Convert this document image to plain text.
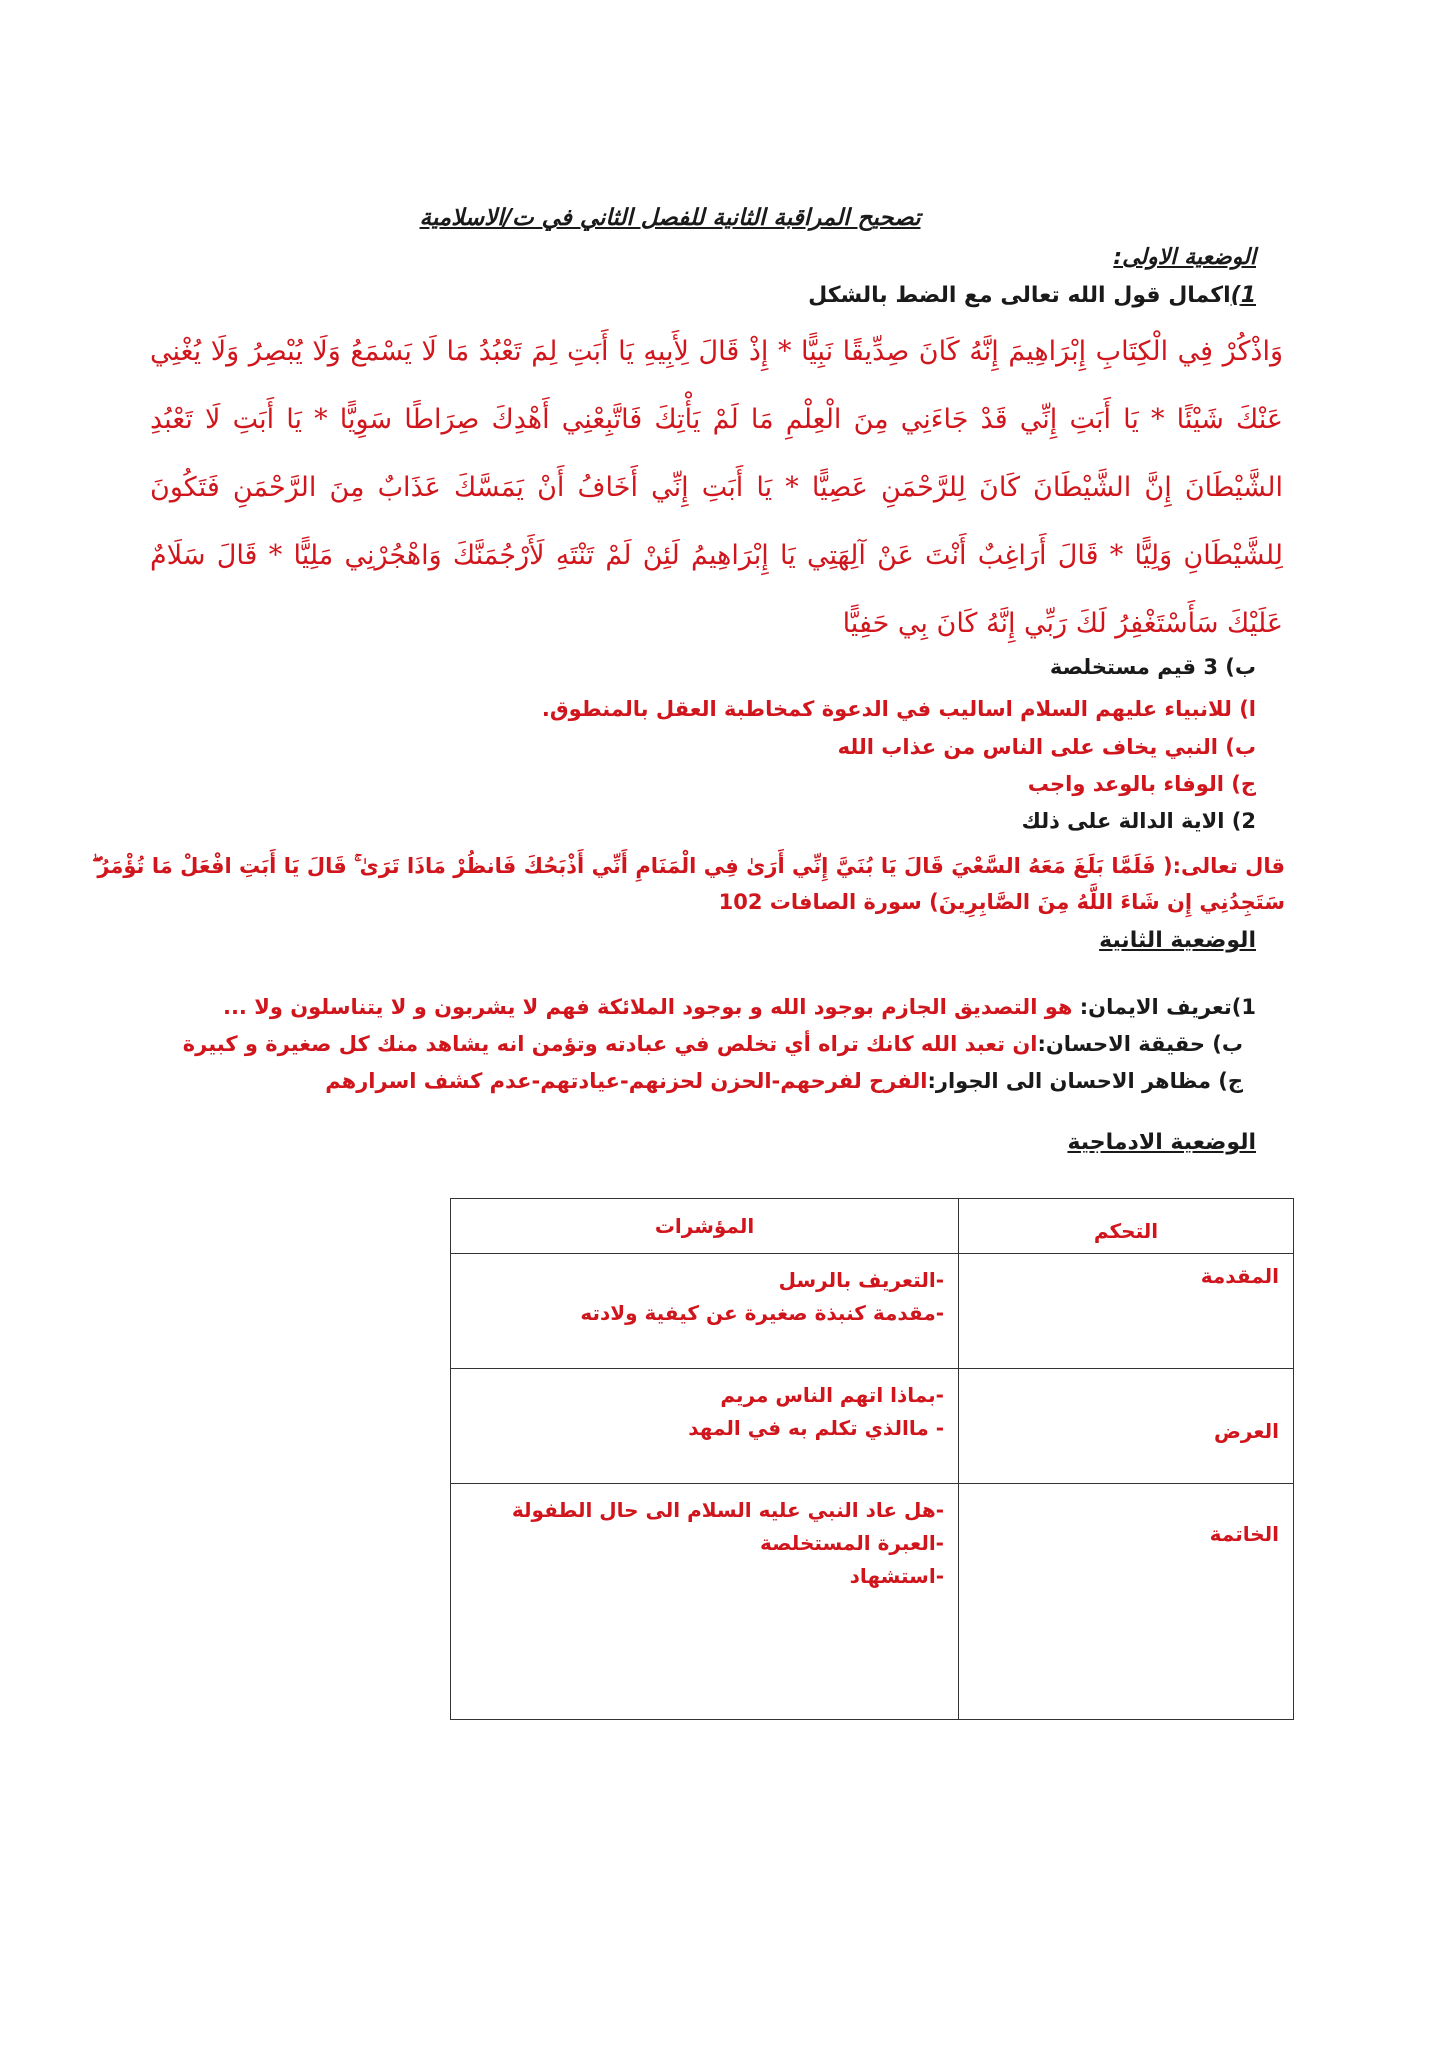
تصحيح المراقبة الثانية للفصل الثاني في ت/الاسلامية
الوضعية الاولى:
1)اكمال قول الله تعالى مع الضط بالشكل
وَاذْكُرْ فِي الْكِتَابِ إِبْرَاهِيمَ إِنَّهُ كَانَ صِدِّيقًا نَبِيًّا * إِذْ قَالَ لِأَبِيهِ يَا أَبَتِ لِمَ تَعْبُدُ مَا لَا يَسْمَعُ وَلَا يُبْصِرُ وَلَا يُغْنِي عَنْكَ شَيْئًا * يَا أَبَتِ إِنِّي قَدْ جَاءَنِي مِنَ الْعِلْمِ مَا لَمْ يَأْتِكَ فَاتَّبِعْنِي أَهْدِكَ صِرَاطًا سَوِيًّا * يَا أَبَتِ لَا تَعْبُدِ الشَّيْطَانَ إِنَّ الشَّيْطَانَ كَانَ لِلرَّحْمَنِ عَصِيًّا * يَا أَبَتِ إِنِّي أَخَافُ أَنْ يَمَسَّكَ عَذَابٌ مِنَ الرَّحْمَنِ فَتَكُونَ لِلشَّيْطَانِ وَلِيًّا * قَالَ أَرَاغِبٌ أَنْتَ عَنْ آلِهَتِي يَا إِبْرَاهِيمُ لَئِنْ لَمْ تَنْتَهِ لَأَرْجُمَنَّكَ وَاهْجُرْنِي مَلِيًّا * قَالَ سَلَامٌ عَلَيْكَ سَأَسْتَغْفِرُ لَكَ رَبِّي إِنَّهُ كَانَ بِي حَفِيًّا
ب) 3 قيم مستخلصة
ا) للانبياء عليهم السلام اساليب في الدعوة كمخاطبة العقل بالمنطوق.
ب) النبي يخاف على الناس من عذاب الله
ج) الوفاء بالوعد واجب
2) الاية الدالة على ذلك
قال تعالى:( فَلَمَّا بَلَغَ مَعَهُ السَّعْيَ قَالَ يَا بُنَيَّ إِنِّي أَرَىٰ فِي الْمَنَامِ أَنِّي أَذْبَحُكَ فَانظُرْ مَاذَا تَرَىٰ ۚ قَالَ يَا أَبَتِ افْعَلْ مَا تُؤْمَرُ ۖ سَتَجِدُنِي إِن شَاءَ اللَّهُ مِنَ الصَّابِرِينَ) سورة الصافات 102
الوضعية الثانية
1)تعريف الايمان: هو التصديق الجازم بوجود الله و بوجود الملائكة فهم لا يشربون و لا يتناسلون ولا ...
ب) حقيقة الاحسان:ان تعبد الله كانك تراه أي تخلص في عبادته وتؤمن انه يشاهد منك كل صغيرة و كبيرة
ج) مظاهر الاحسان الى الجوار:الفرح لفرحهم-الحزن لحزنهم-عيادتهم-عدم كشف اسرارهم
الوضعية الادماجية
التحكم	المؤشرات
المقدمة	-التعريف بالرسل
-مقدمة كنبذة صغيرة عن كيفية ولادته

العرض	-بماذا اتهم الناس مريم
- ماالذي تكلم به في المهد

الخاتمة	-هل عاد النبي عليه السلام الى حال الطفولة
-العبرة المستخلصة
-استشهاد
